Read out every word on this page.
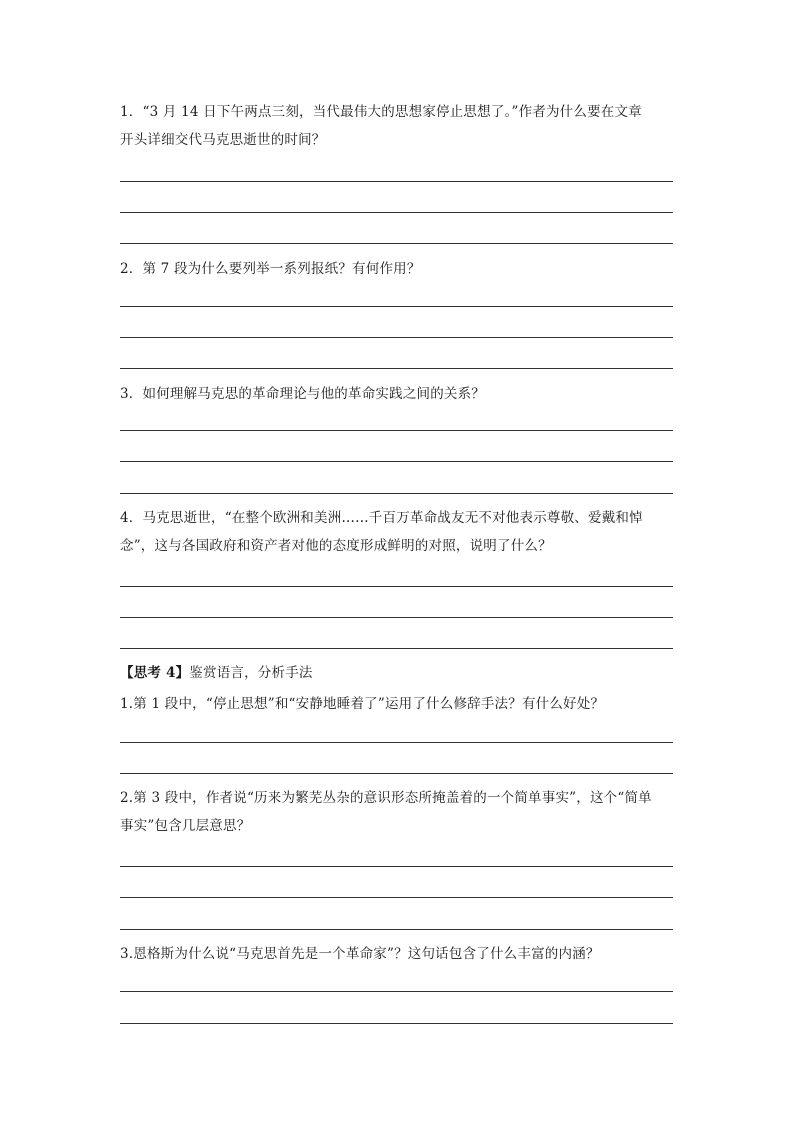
1．“3 月 14 日下午两点三刻，当代最伟大的思想家停止思想了。”作者为什么要在文章
开头详细交代马克思逝世的时间？
2．第 7 段为什么要列举一系列报纸？有何作用？
3．如何理解马克思的革命理论与他的革命实践之间的关系？
4．马克思逝世，“在整个欧洲和美洲……千百万革命战友无不对他表示尊敬、爱戴和悼
念”，这与各国政府和资产者对他的态度形成鲜明的对照，说明了什么？
【思考 4】鉴赏语言，分析手法
1.第 1 段中，“停止思想”和“安静地睡着了”运用了什么修辞手法？有什么好处？
2.第 3 段中，作者说“历来为繁芜丛杂的意识形态所掩盖着的一个简单事实”，这个“简单
事实”包含几层意思？
3.恩格斯为什么说“马克思首先是一个革命家”？这句话包含了什么丰富的内涵？
